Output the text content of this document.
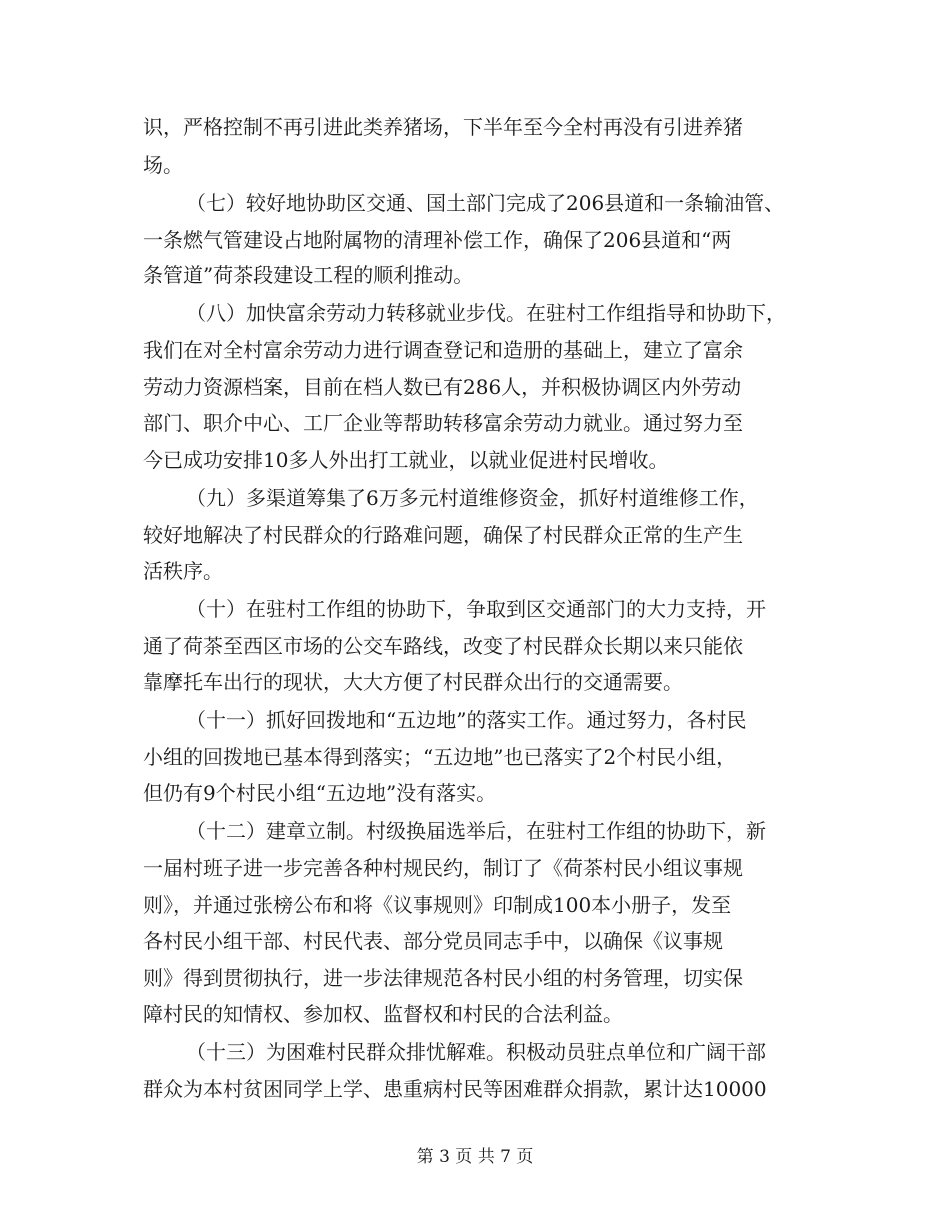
识，严格控制不再引进此类养猪场，下半年至今全村再没有引进养猪
场。
（七）较好地协助区交通、国土部门完成了206县道和一条输油管、
一条燃气管建设占地附属物的清理补偿工作，确保了206县道和“两
条管道”荷茶段建设工程的顺利推动。
（八）加快富余劳动力转移就业步伐。在驻村工作组指导和协助下，
我们在对全村富余劳动力进行调查登记和造册的基础上，建立了富余
劳动力资源档案，目前在档人数已有286人，并积极协调区内外劳动
部门、职介中心、工厂企业等帮助转移富余劳动力就业。通过努力至
今已成功安排10多人外出打工就业，以就业促进村民增收。
（九）多渠道筹集了6万多元村道维修资金，抓好村道维修工作，
较好地解决了村民群众的行路难问题，确保了村民群众正常的生产生
活秩序。
（十）在驻村工作组的协助下，争取到区交通部门的大力支持，开
通了荷茶至西区市场的公交车路线，改变了村民群众长期以来只能依
靠摩托车出行的现状，大大方便了村民群众出行的交通需要。
（十一）抓好回拨地和“五边地”的落实工作。通过努力，各村民
小组的回拨地已基本得到落实；“五边地”也已落实了2个村民小组，
但仍有9个村民小组“五边地”没有落实。
（十二）建章立制。村级换届选举后，在驻村工作组的协助下，新
一届村班子进一步完善各种村规民约，制订了《荷茶村民小组议事规
则》，并通过张榜公布和将《议事规则》印制成100本小册子，发至
各村民小组干部、村民代表、部分党员同志手中，以确保《议事规
则》得到贯彻执行，进一步法律规范各村民小组的村务管理，切实保
障村民的知情权、参加权、监督权和村民的合法利益。
（十三）为困难村民群众排忧解难。积极动员驻点单位和广阔干部
群众为本村贫困同学上学、患重病村民等困难群众捐款，累计达10000
第 3 页 共 7 页
